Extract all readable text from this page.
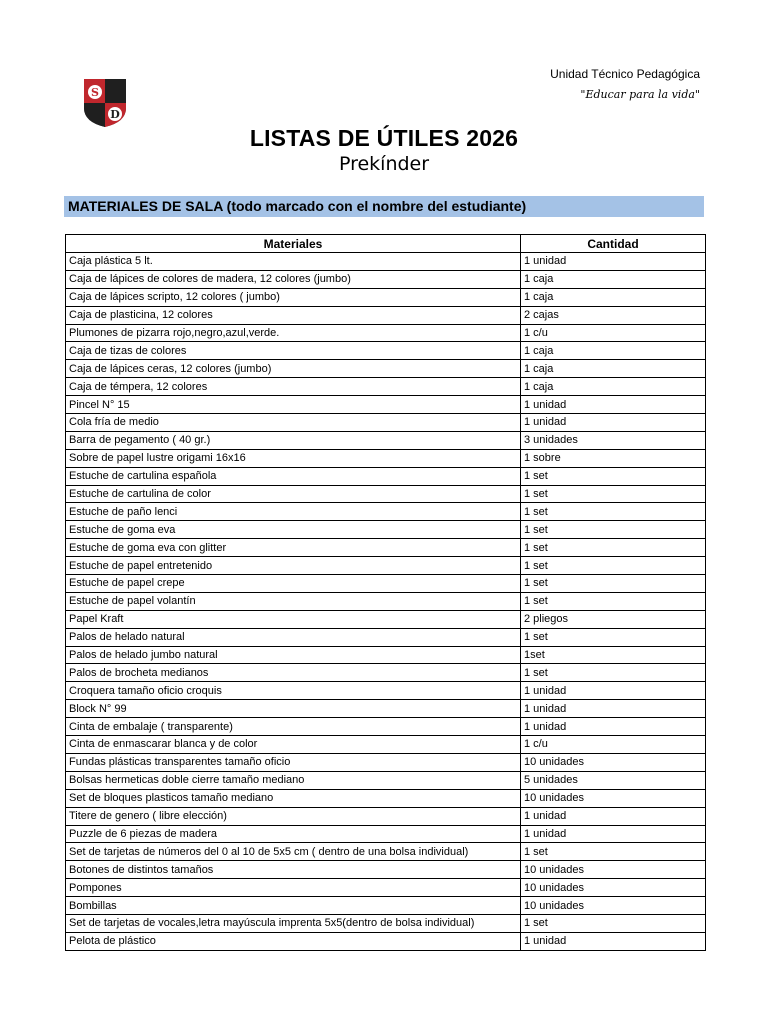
S
D
Unidad Técnico Pedagógica
"Educar para la vida"
LISTAS DE ÚTILES 2026
Prekínder
MATERIALES DE SALA (todo marcado con el nombre del estudiante)
Materiales	Cantidad
Caja plástica 5 lt.	1 unidad
Caja de lápices de colores de madera, 12 colores (jumbo)	1 caja
Caja de lápices scripto, 12 colores ( jumbo)	1 caja
Caja de plasticina, 12 colores	2 cajas
Plumones de pizarra rojo,negro,azul,verde.	1 c/u
Caja de tizas de colores	1 caja
Caja de lápices ceras, 12 colores (jumbo)	1 caja
Caja de témpera, 12 colores	1 caja
Pincel N° 15	1 unidad
Cola fría de medio	1 unidad
Barra de pegamento ( 40 gr.)	3 unidades
Sobre de papel lustre origami 16x16	1 sobre
Estuche de cartulina española	1 set
Estuche de cartulina de color	1 set
Estuche de paño lenci	1 set
Estuche de goma eva	1 set
Estuche de goma eva con glitter	1 set
Estuche de papel entretenido	1 set
Estuche de papel crepe	1 set
Estuche de papel volantín	1 set
Papel Kraft	2 pliegos
Palos de helado natural	1 set
Palos de helado jumbo natural	1set
Palos de brocheta medianos	1 set
Croquera tamaño oficio croquis	1 unidad
Block N° 99	1 unidad
Cinta de embalaje ( transparente)	1 unidad
Cinta de enmascarar blanca y de color	1 c/u
Fundas plásticas transparentes tamaño oficio	10 unidades
Bolsas hermeticas doble cierre tamaño mediano	5 unidades
Set de bloques plasticos tamaño mediano	10 unidades
Titere de genero ( libre elección)	1 unidad
Puzzle de 6 piezas de madera	1 unidad
Set de tarjetas de números del 0 al 10 de 5x5 cm ( dentro de una bolsa individual)	1 set
Botones de distintos tamaños	10 unidades
Pompones	10 unidades
Bombillas	10 unidades
Set de tarjetas de vocales,letra mayúscula imprenta 5x5(dentro de bolsa individual)	1 set
Pelota de plástico	1 unidad
